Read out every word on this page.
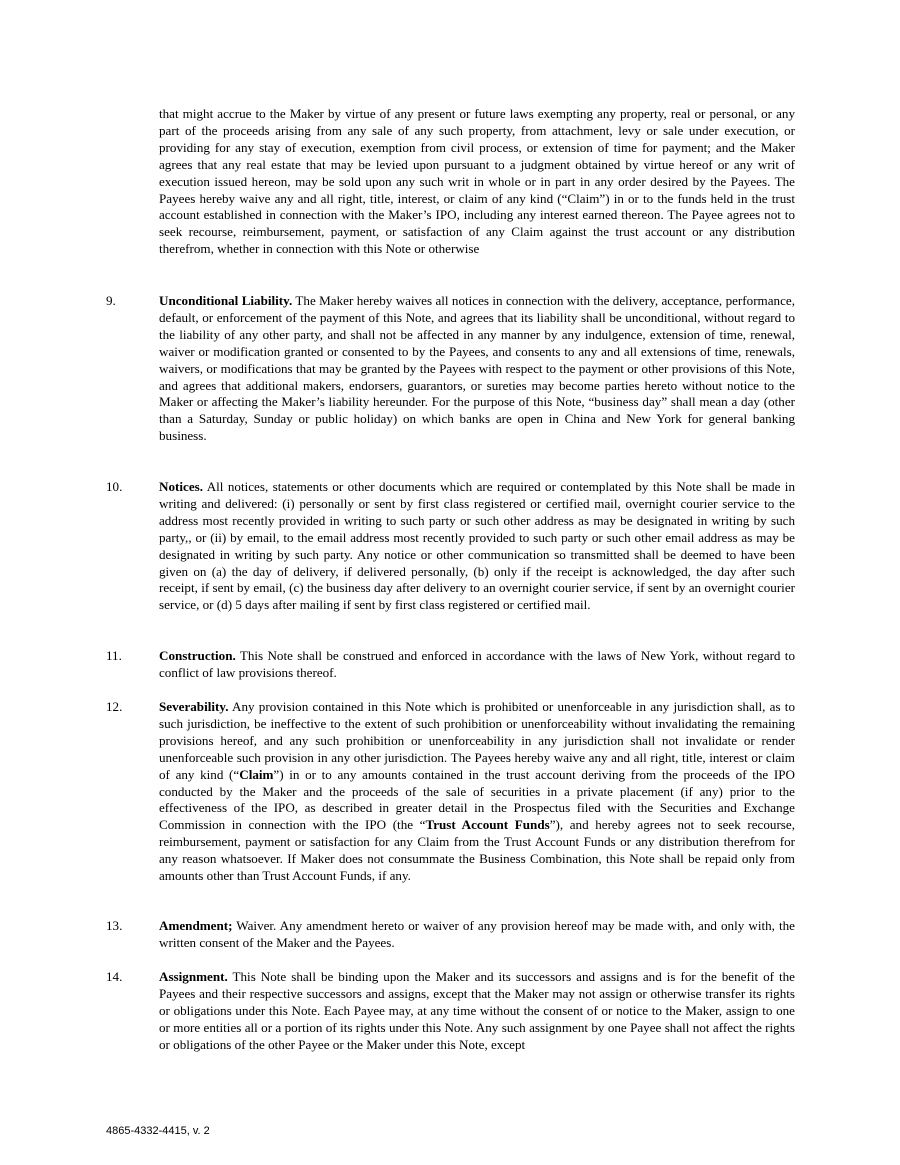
that might accrue to the Maker by virtue of any present or future laws exempting any property, real or personal, or any part of the proceeds arising from any sale of any such property, from attachment, levy or sale under execution, or providing for any stay of execution, exemption from civil process, or extension of time for payment; and the Maker agrees that any real estate that may be levied upon pursuant to a judgment obtained by virtue hereof or any writ of execution issued hereon, may be sold upon any such writ in whole or in part in any order desired by the Payees. The Payees hereby waive any and all right, title, interest, or claim of any kind (“Claim”) in or to the funds held in the trust account established in connection with the Maker’s IPO, including any interest earned thereon. The Payee agrees not to seek recourse, reimbursement, payment, or satisfaction of any Claim against the trust account or any distribution therefrom, whether in connection with this Note or otherwise

9.	Unconditional Liability. The Maker hereby waives all notices in connection with the delivery, acceptance, performance, default, or enforcement of the payment of this Note, and agrees that its liability shall be unconditional, without regard to the liability of any other party, and shall not be affected in any manner by any indulgence, extension of time, renewal, waiver or modification granted or consented to by the Payees, and consents to any and all extensions of time, renewals, waivers, or modifications that may be granted by the Payees with respect to the payment or other provisions of this Note, and agrees that additional makers, endorsers, guarantors, or sureties may become parties hereto without notice to the Maker or affecting the Maker’s liability hereunder. For the purpose of this Note, “business day” shall mean a day (other than a Saturday, Sunday or public holiday) on which banks are open in China and New York for general banking business.

10.	Notices. All notices, statements or other documents which are required or contemplated by this Note shall be made in writing and delivered: (i) personally or sent by first class registered or certified mail, overnight courier service to the address most recently provided in writing to such party or such other address as may be designated in writing by such party,, or (ii) by email, to the email address most recently provided to such party or such other email address as may be designated in writing by such party. Any notice or other communication so transmitted shall be deemed to have been given on (a) the day of delivery, if delivered personally, (b) only if the receipt is acknowledged, the day after such receipt, if sent by email, (c) the business day after delivery to an overnight courier service, if sent by an overnight courier service, or (d) 5 days after mailing if sent by first class registered or certified mail.

11.	Construction. This Note shall be construed and enforced in accordance with the laws of New York, without regard to conflict of law provisions thereof.

12.	Severability. Any provision contained in this Note which is prohibited or unenforceable in any jurisdiction shall, as to such jurisdiction, be ineffective to the extent of such prohibition or unenforceability without invalidating the remaining provisions hereof, and any such prohibition or unenforceability in any jurisdiction shall not invalidate or render unenforceable such provision in any other jurisdiction. The Payees hereby waive any and all right, title, interest or claim of any kind (“Claim”) in or to any amounts contained in the trust account deriving from the proceeds of the IPO conducted by the Maker and the proceeds of the sale of securities in a private placement (if any) prior to the effectiveness of the IPO, as described in greater detail in the Prospectus filed with the Securities and Exchange Commission in connection with the IPO (the “Trust Account Funds”), and hereby agrees not to seek recourse, reimbursement, payment or satisfaction for any Claim from the Trust Account Funds or any distribution therefrom for any reason whatsoever. If Maker does not consummate the Business Combination, this Note shall be repaid only from amounts other than Trust Account Funds, if any.

13.	Amendment; Waiver. Any amendment hereto or waiver of any provision hereof may be made with, and only with, the written consent of the Maker and the Payees.

14.	Assignment. This Note shall be binding upon the Maker and its successors and assigns and is for the benefit of the Payees and their respective successors and assigns, except that the Maker may not assign or otherwise transfer its rights or obligations under this Note. Each Payee may, at any time without the consent of or notice to the Maker, assign to one or more entities all or a portion of its rights under this Note. Any such assignment by one Payee shall not affect the rights or obligations of the other Payee or the Maker under this Note, except

4865-4332-4415, v. 2
